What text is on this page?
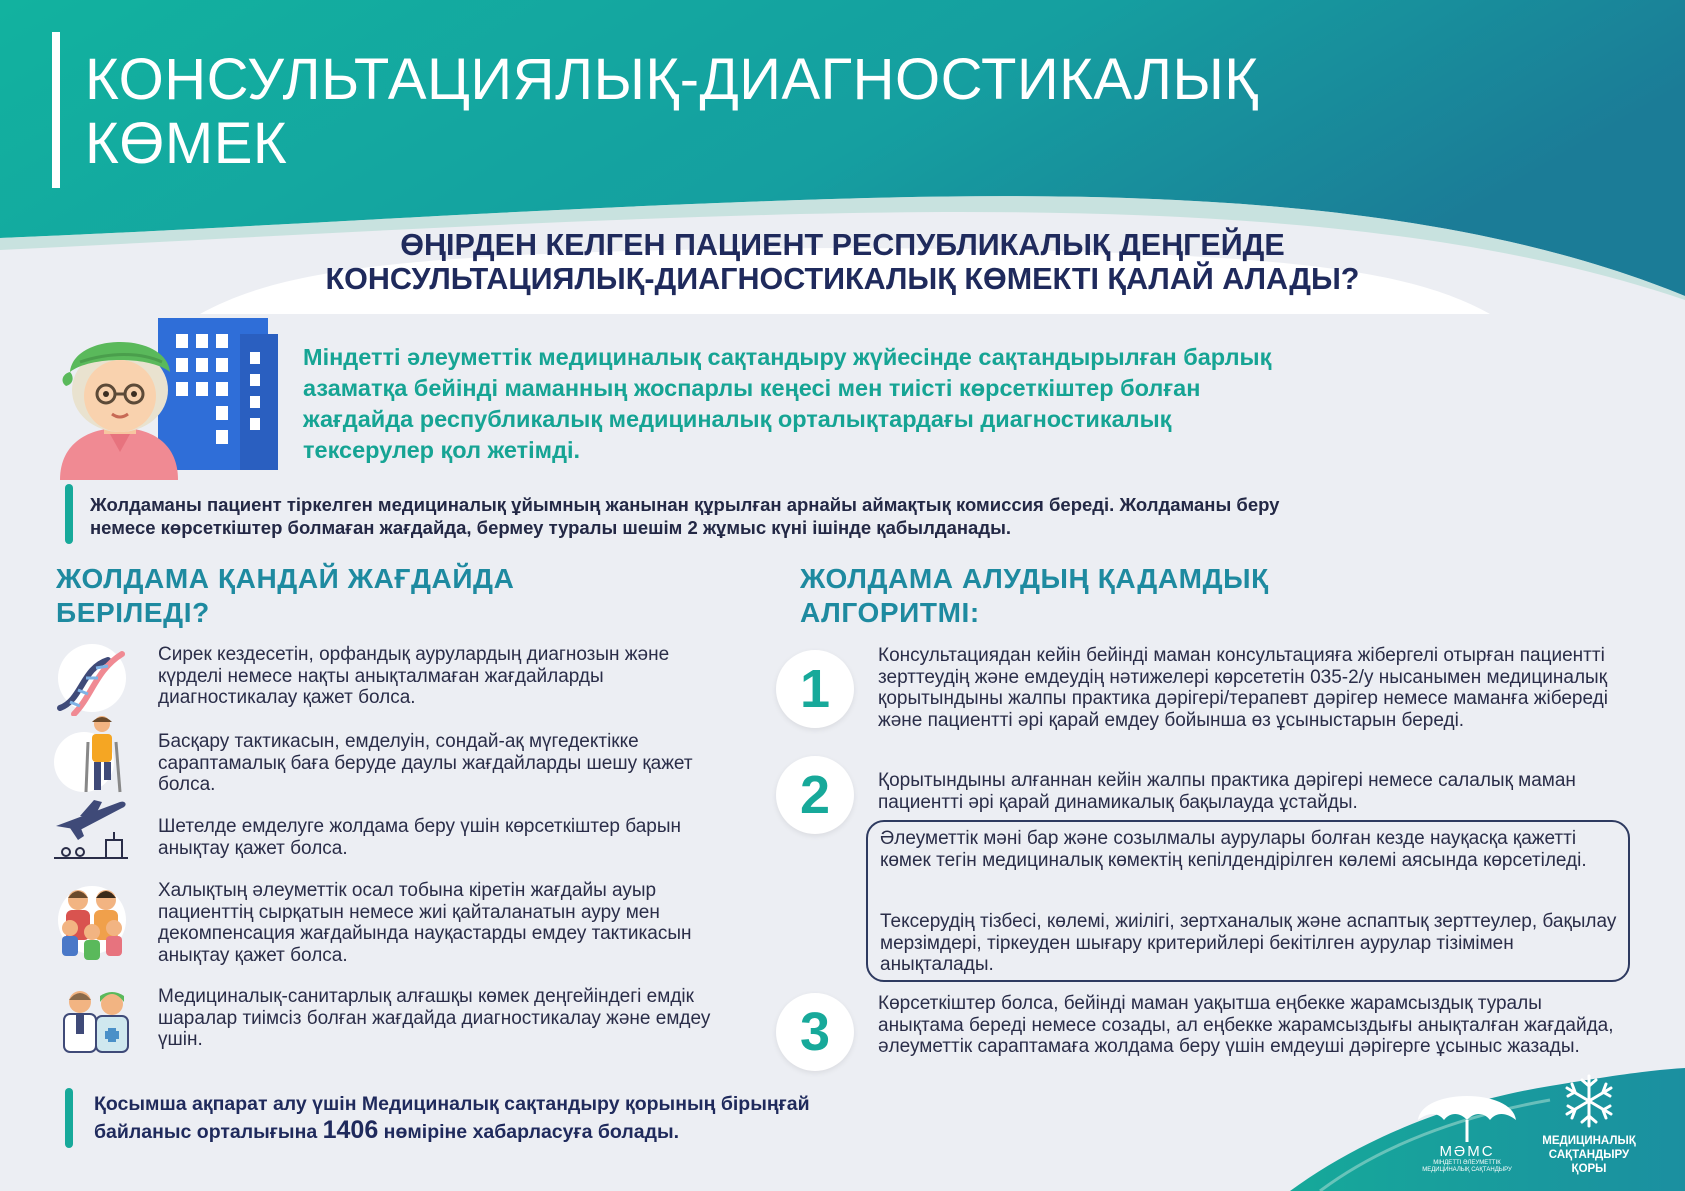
КОНСУЛЬТАЦИЯЛЫҚ-ДИАГНОСТИКАЛЫҚ
КӨМЕК
ӨҢІРДЕН КЕЛГЕН ПАЦИЕНТ РЕСПУБЛИКАЛЫҚ ДЕҢГЕЙДЕ
КОНСУЛЬТАЦИЯЛЫҚ-ДИАГНОСТИКАЛЫҚ КӨМЕКТІ ҚАЛАЙ АЛАДЫ?
Міндетті әлеуметтік медициналық сақтандыру жүйесінде сақтандырылған барлық
азаматқа бейінді маманның жоспарлы кеңесі мен тиісті көрсеткіштер болған
жағдайда республикалық медициналық орталықтардағы диагностикалық
тексерулер қол жетімді.
Жолдаманы пациент тіркелген медициналық ұйымның жанынан құрылған арнайы аймақтық комиссия береді. Жолдаманы беру
немесе көрсеткіштер болмаған жағдайда, бермеу туралы шешім 2 жұмыс күні ішінде қабылданады.
ЖОЛДАМА ҚАНДАЙ ЖАҒДАЙДА
БЕРІЛЕДІ?
Сирек кездесетін, орфандық аурулардың диагнозын және күрделі немесе нақты анықталмаған жағдайларды диагностикалау қажет болса.
Басқару тактикасын, емделуін, сондай-ақ мүгедектікке сараптамалық баға беруде даулы жағдайларды шешу қажет болса.
Шетелде емделуге жолдама беру үшін көрсеткіштер барын анықтау қажет болса.
Халықтың әлеуметтік осал тобына кіретін жағдайы ауыр пациенттің сырқатын немесе жиі қайталанатын ауру мен декомпенсация жағдайында науқастарды емдеу тактикасын анықтау қажет болса.
Медициналық-санитарлық алғашқы көмек деңгейіндегі емдік шаралар тиімсіз болған жағдайда диагностикалау және емдеу үшін.
ЖОЛДАМА АЛУДЫҢ ҚАДАМДЫҚ
АЛГОРИТМІ:
1
Консультациядан кейін бейінді маман консультацияға жібергелі отырған пациентті зерттеудің және емдеудің нәтижелері көрсететін 035-2/у нысанымен медициналық қорытындыны жалпы практика дәрігері/терапевт дәрігер немесе маманға жібереді және пациентті әрі қарай емдеу бойынша өз ұсыныстарын береді.
2	Қорытындыны алғаннан кейін жалпы практика дәрігері немесе салалық маман пациентті әрі қарай динамикалық бақылауда ұстайды.
Әлеуметтік мәні бар және созылмалы аурулары болған кезде науқасқа қажетті көмек тегін медициналық көмектің кепілдендірілген көлемі аясында көрсетіледі.
Тексерудің тізбесі, көлемі, жиілігі, зертханалық және аспаптық зерттеулер, бақылау мерзімдері, тіркеуден шығару критерийлері бекітілген аурулар тізімімен анықталады.
3	Көрсеткіштер болса, бейінді маман уақытша еңбекке жарамсыздық туралы анықтама береді немесе созады, ал еңбекке жарамсыздығы анықталған жағдайда, әлеуметтік сараптамаға жолдама беру үшін емдеуші дәрігерге ұсыныс жазады.
Қосымша ақпарат алу үшін Медициналық сақтандыру қорының бірыңғай
байланыс орталығына 1406 нөміріне хабарласуға болады.
МӘМС
МІНДЕТТІ ӘЛЕУМЕТТІК
МЕДИЦИНАЛЫҚ САҚТАНДЫРУ
МЕДИЦИНАЛЫҚ
САҚТАНДЫРУ
ҚОРЫ
